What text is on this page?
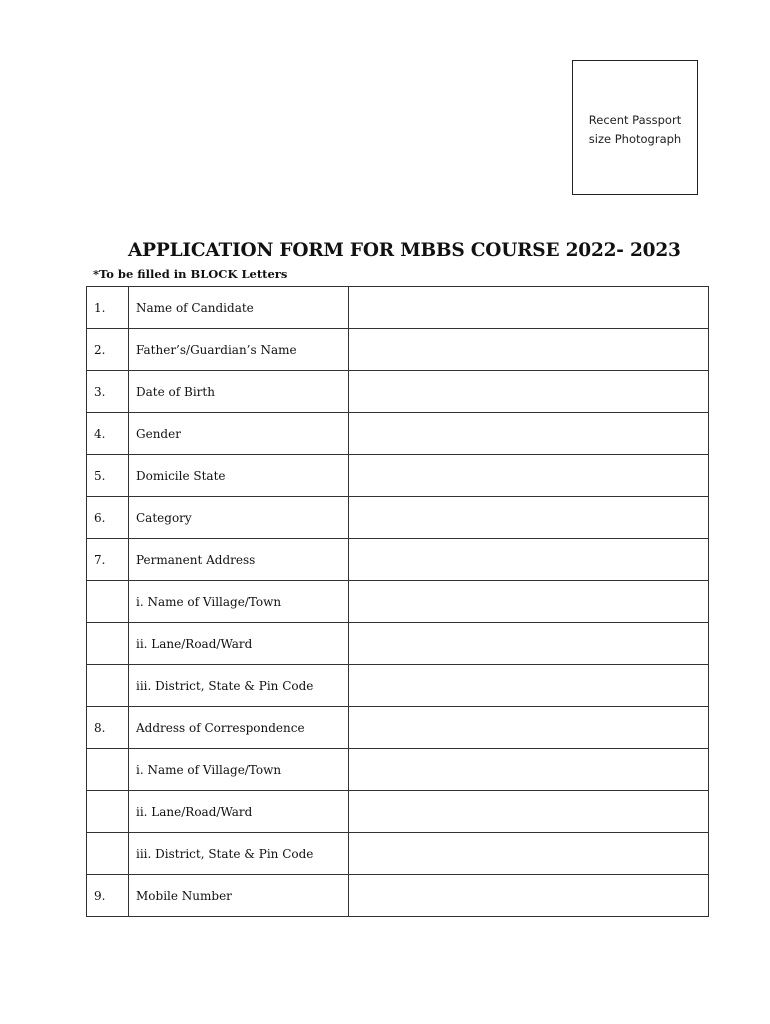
Recent Passport
size Photograph
APPLICATION FORM FOR MBBS COURSE 2022- 2023
*To be filled in BLOCK Letters
1.	Name of Candidate	
2.	Father’s/Guardian’s Name	
3.	Date of Birth	
4.	Gender	
5.	Domicile State	
6.	Category	
7.	Permanent Address	
	i. Name of Village/Town	
	ii. Lane/Road/Ward	
	iii. District, State & Pin Code	
8.	Address of Correspondence	
	i. Name of Village/Town	
	ii. Lane/Road/Ward	
	iii. District, State & Pin Code	
9.	Mobile Number	
